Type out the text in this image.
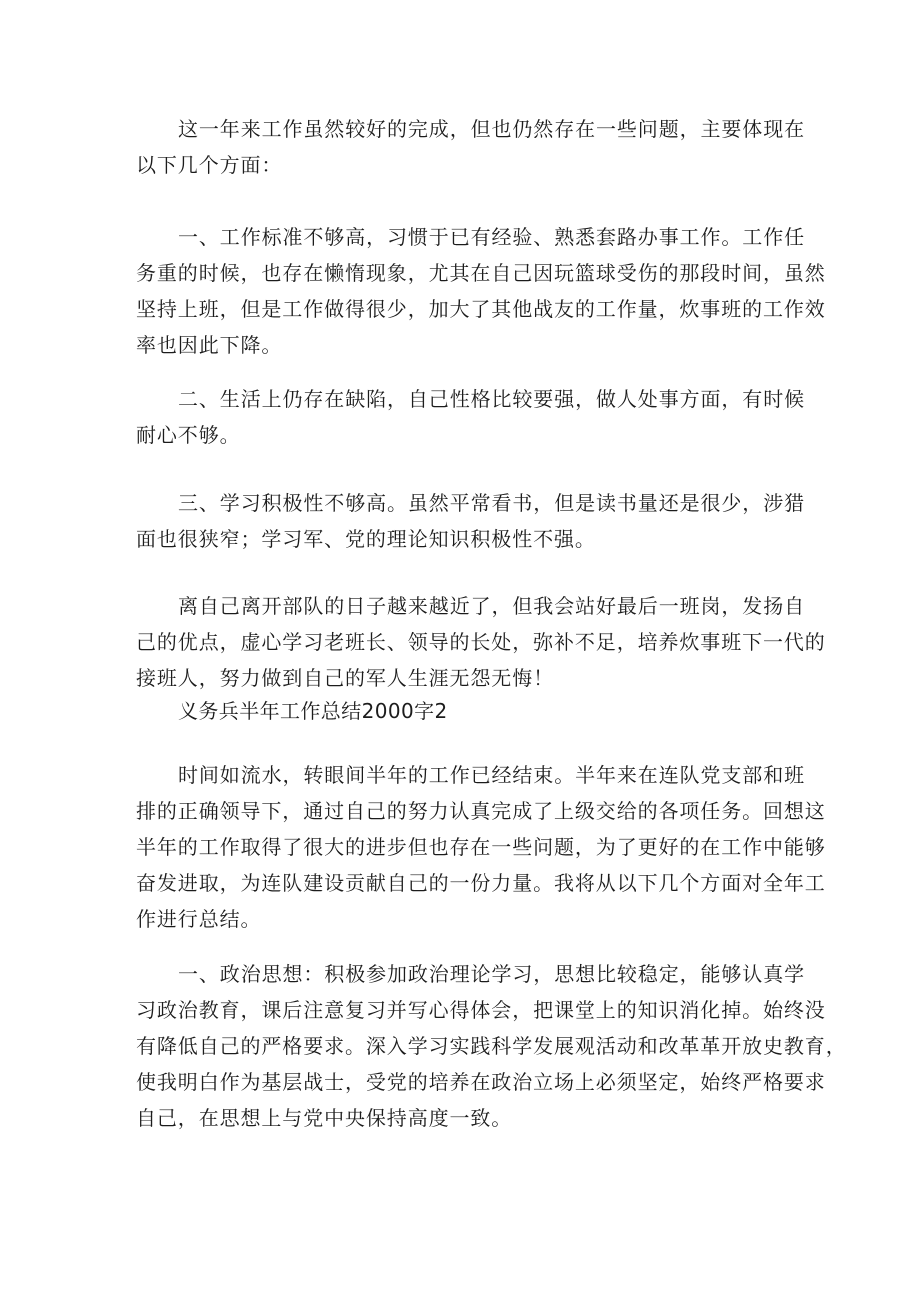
这一年来工作虽然较好的完成，但也仍然存在一些问题，主要体现在
以下几个方面：
一、工作标准不够高，习惯于已有经验、熟悉套路办事工作。工作任
务重的时候，也存在懒惰现象，尤其在自己因玩篮球受伤的那段时间，虽然
坚持上班，但是工作做得很少，加大了其他战友的工作量，炊事班的工作效
率也因此下降。
二、生活上仍存在缺陷，自己性格比较要强，做人处事方面，有时候
耐心不够。
三、学习积极性不够高。虽然平常看书，但是读书量还是很少，涉猎
面也很狭窄；学习军、党的理论知识积极性不强。
离自己离开部队的日子越来越近了，但我会站好最后一班岗，发扬自
己的优点，虚心学习老班长、领导的长处，弥补不足，培养炊事班下一代的
接班人，努力做到自己的军人生涯无怨无悔！
义务兵半年工作总结2000字2
时间如流水，转眼间半年的工作已经结束。半年来在连队党支部和班
排的正确领导下，通过自己的努力认真完成了上级交给的各项任务。回想这
半年的工作取得了很大的进步但也存在一些问题，为了更好的在工作中能够
奋发进取，为连队建设贡献自己的一份力量。我将从以下几个方面对全年工
作进行总结。
一、政治思想：积极参加政治理论学习，思想比较稳定，能够认真学
习政治教育，课后注意复习并写心得体会，把课堂上的知识消化掉。始终没
有降低自己的严格要求。深入学习实践科学发展观活动和改革革开放史教育，
使我明白作为基层战士，受党的培养在政治立场上必须坚定，始终严格要求
自己，在思想上与党中央保持高度一致。
